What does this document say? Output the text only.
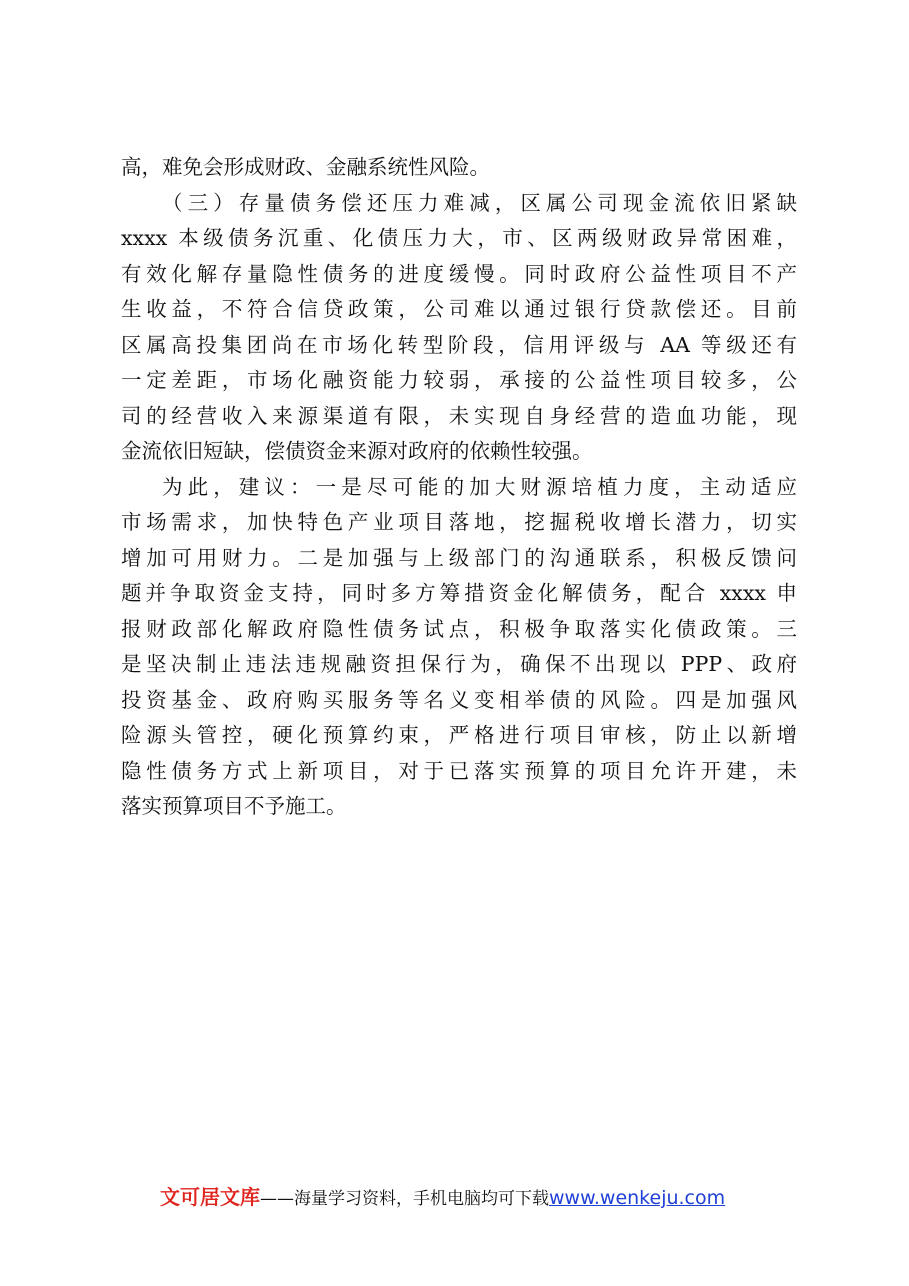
高，难免会形成财政、金融系统性风险。
（三）存量债务偿还压力难减，区属公司现金流依旧紧缺
xxxx 本级债务沉重、化债压力大，市、区两级财政异常困难，
有效化解存量隐性债务的进度缓慢。同时政府公益性项目不产
生收益，不符合信贷政策，公司难以通过银行贷款偿还。目前
区属高投集团尚在市场化转型阶段，信用评级与 AA 等级还有
一定差距，市场化融资能力较弱，承接的公益性项目较多，公
司的经营收入来源渠道有限，未实现自身经营的造血功能，现
金流依旧短缺，偿债资金来源对政府的依赖性较强。
为此，建议：一是尽可能的加大财源培植力度，主动适应
市场需求，加快特色产业项目落地，挖掘税收增长潜力，切实
增加可用财力。二是加强与上级部门的沟通联系，积极反馈问
题并争取资金支持，同时多方筹措资金化解债务，配合 xxxx 申
报财政部化解政府隐性债务试点，积极争取落实化债政策。三
是坚决制止违法违规融资担保行为，确保不出现以 PPP、政府
投资基金、政府购买服务等名义变相举债的风险。四是加强风
险源头管控，硬化预算约束，严格进行项目审核，防止以新增
隐性债务方式上新项目，对于已落实预算的项目允许开建，未
落实预算项目不予施工。
文可居文库——海量学习资料，手机电脑均可下载www.wenkeju.com
